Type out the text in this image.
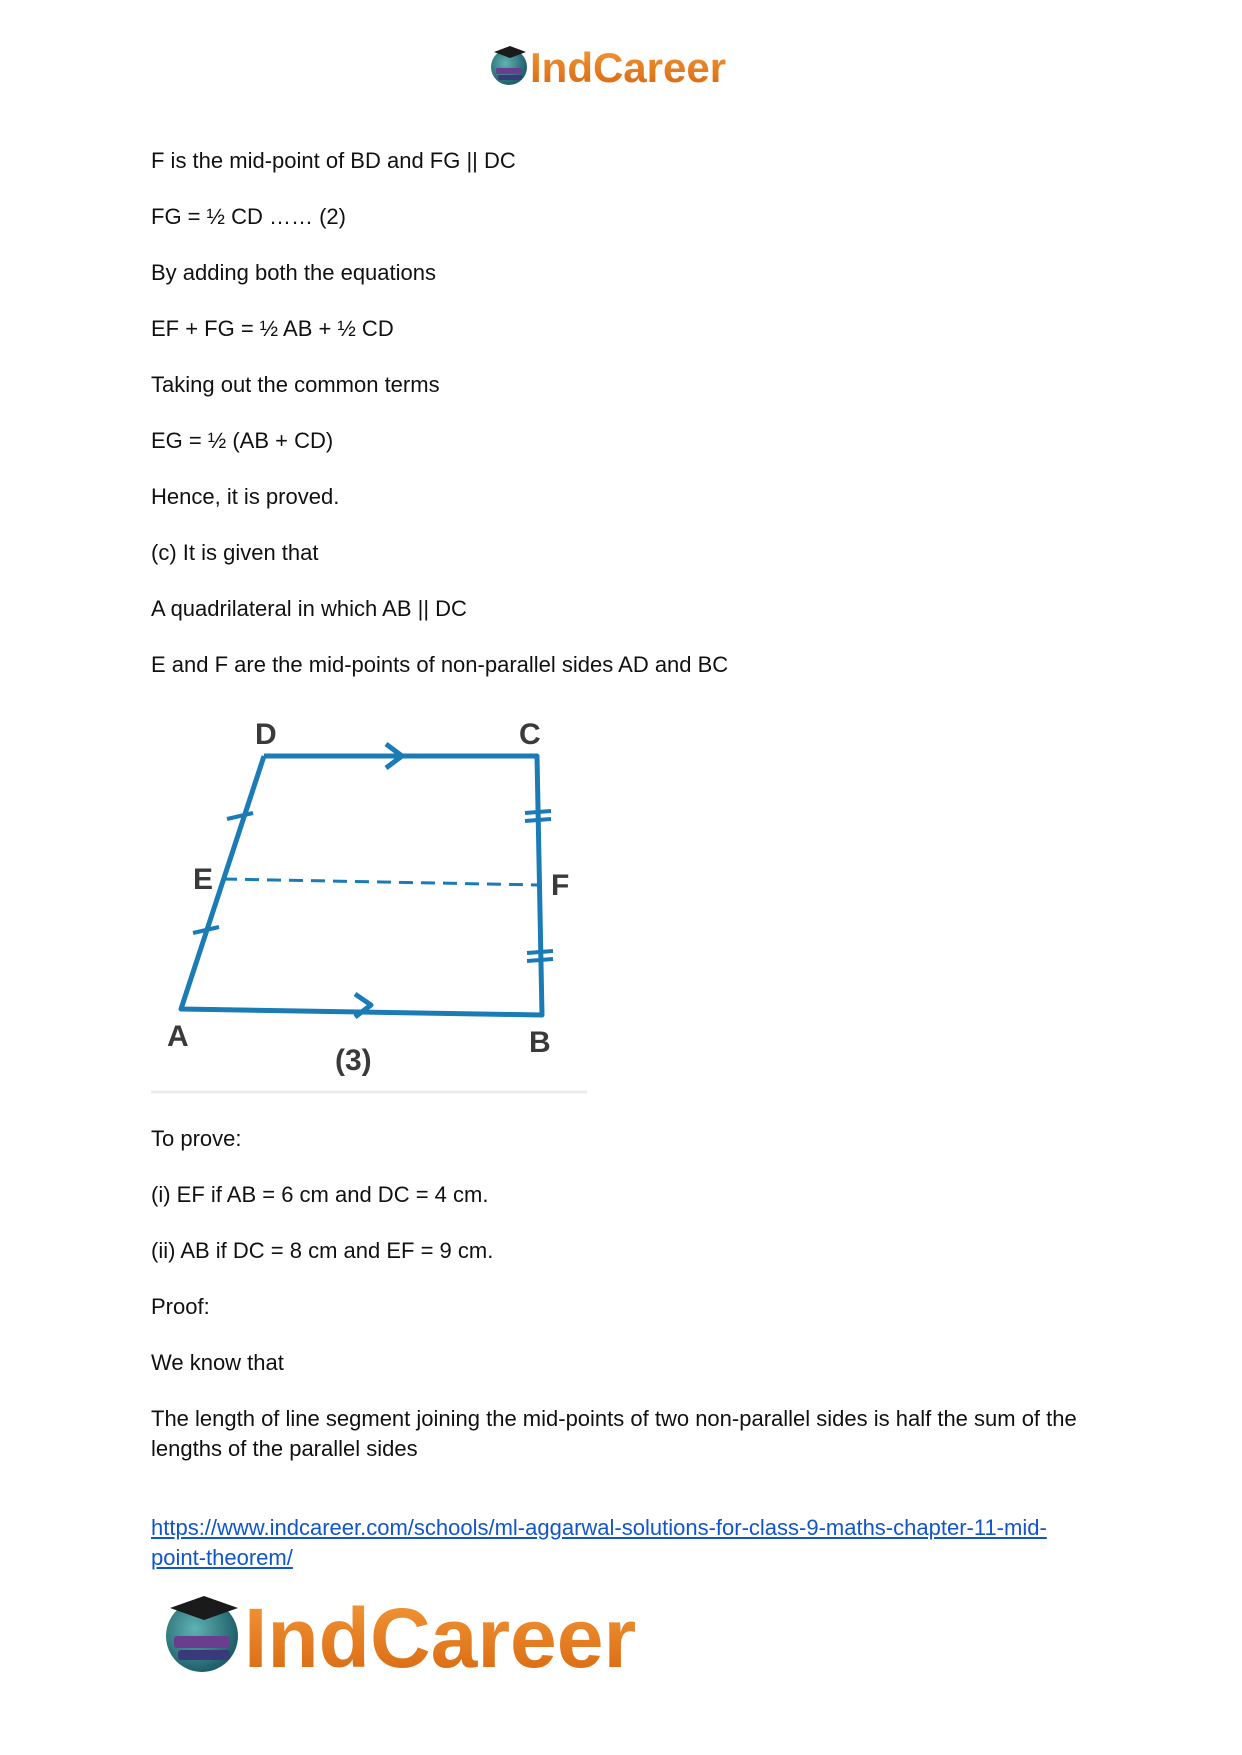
IndCareer

F is the mid-point of BD and FG || DC

FG = ½ CD …… (2)

By adding both the equations

EF + FG = ½ AB + ½ CD

Taking out the common terms

EG = ½ (AB + CD)

Hence, it is proved.

(c) It is given that

A quadrilateral in which AB || DC

E and F are the mid-points of non-parallel sides AD and BC

D	C
E	F
A	B
(3)

To prove:

(i) EF if AB = 6 cm and DC = 4 cm.

(ii) AB if DC = 8 cm and EF = 9 cm.

Proof:

We know that

The length of line segment joining the mid-points of two non-parallel sides is half the sum of the lengths of the parallel sides

https://www.indcareer.com/schools/ml-aggarwal-solutions-for-class-9-maths-chapter-11-mid-point-theorem/
IndCareer
